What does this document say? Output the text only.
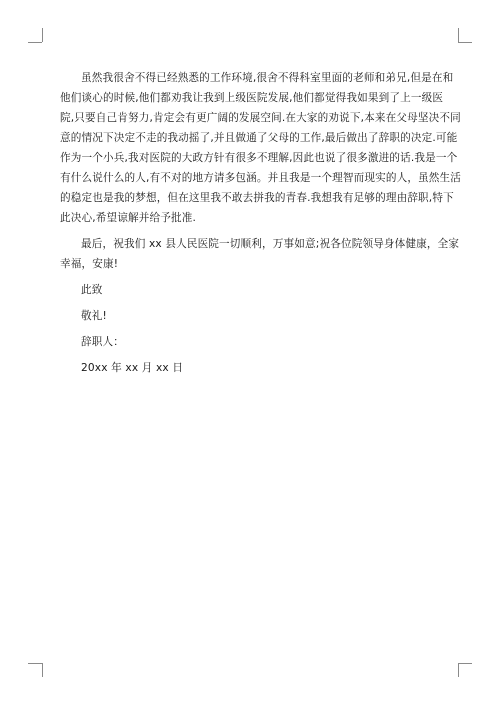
虽然我很舍不得已经熟悉的工作环境,很舍不得科室里面的老师和弟兄,但是在和
他们谈心的时候,他们都劝我让我到上级医院发展,他们都觉得我如果到了上一级医
院,只要自己肯努力,肯定会有更广阔的发展空间.在大家的劝说下,本来在父母坚决不同
意的情况下决定不走的我动摇了,并且做通了父母的工作,最后做出了辞职的决定.可能
作为一个小兵,我对医院的大政方针有很多不理解,因此也说了很多激进的话.我是一个
有什么说什么的人,有不对的地方请多包涵。并且我是一个理智而现实的人，虽然生活
的稳定也是我的梦想，但在这里我不敢去拼我的青春.我想我有足够的理由辞职,特下
此决心,希望谅解并给予批准.
最后，祝我们 xx 县人民医院一切顺利，万事如意;祝各位院领导身体健康，全家
幸福，安康!
此致
敬礼!
辞职人：
20xx 年 xx 月 xx 日
